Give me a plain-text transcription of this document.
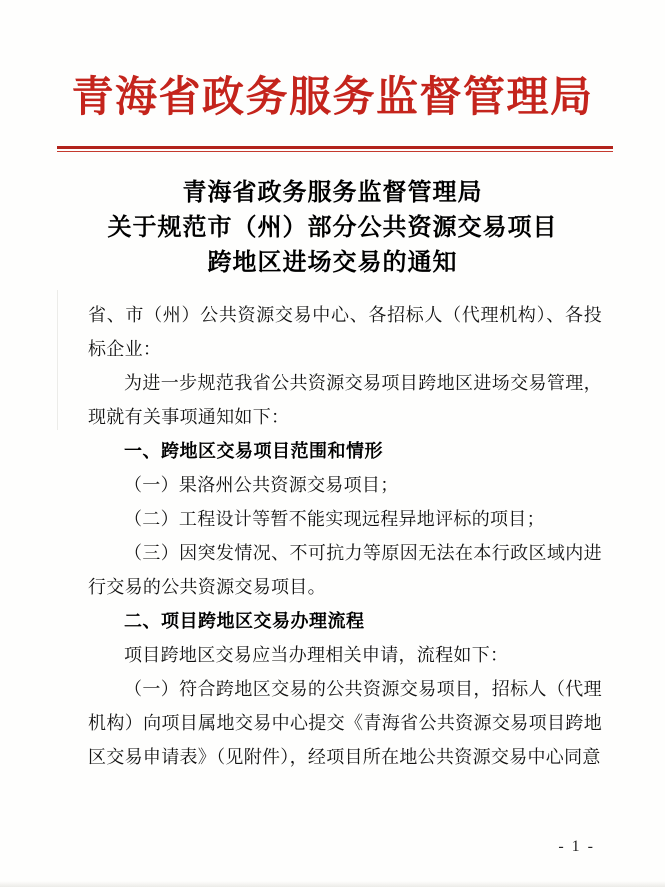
青海省政务服务监督管理局
青海省政务服务监督管理局
关于规范市（州）部分公共资源交易项目
跨地区进场交易的通知

省、市（州）公共资源交易中心、各招标人（代理机构）、各投标企业：

为进一步规范我省公共资源交易项目跨地区进场交易管理，现就有关事项通知如下：

一、跨地区交易项目范围和情形

（一）果洛州公共资源交易项目；

（二）工程设计等暂不能实现远程异地评标的项目；

（三）因突发情况、不可抗力等原因无法在本行政区域内进行交易的公共资源交易项目。

二、项目跨地区交易办理流程

项目跨地区交易应当办理相关申请，流程如下：

（一）符合跨地区交易的公共资源交易项目，招标人（代理机构）向项目属地交易中心提交《青海省公共资源交易项目跨地区交易申请表》（见附件），经项目所在地公共资源交易中心同意

- 1 -
